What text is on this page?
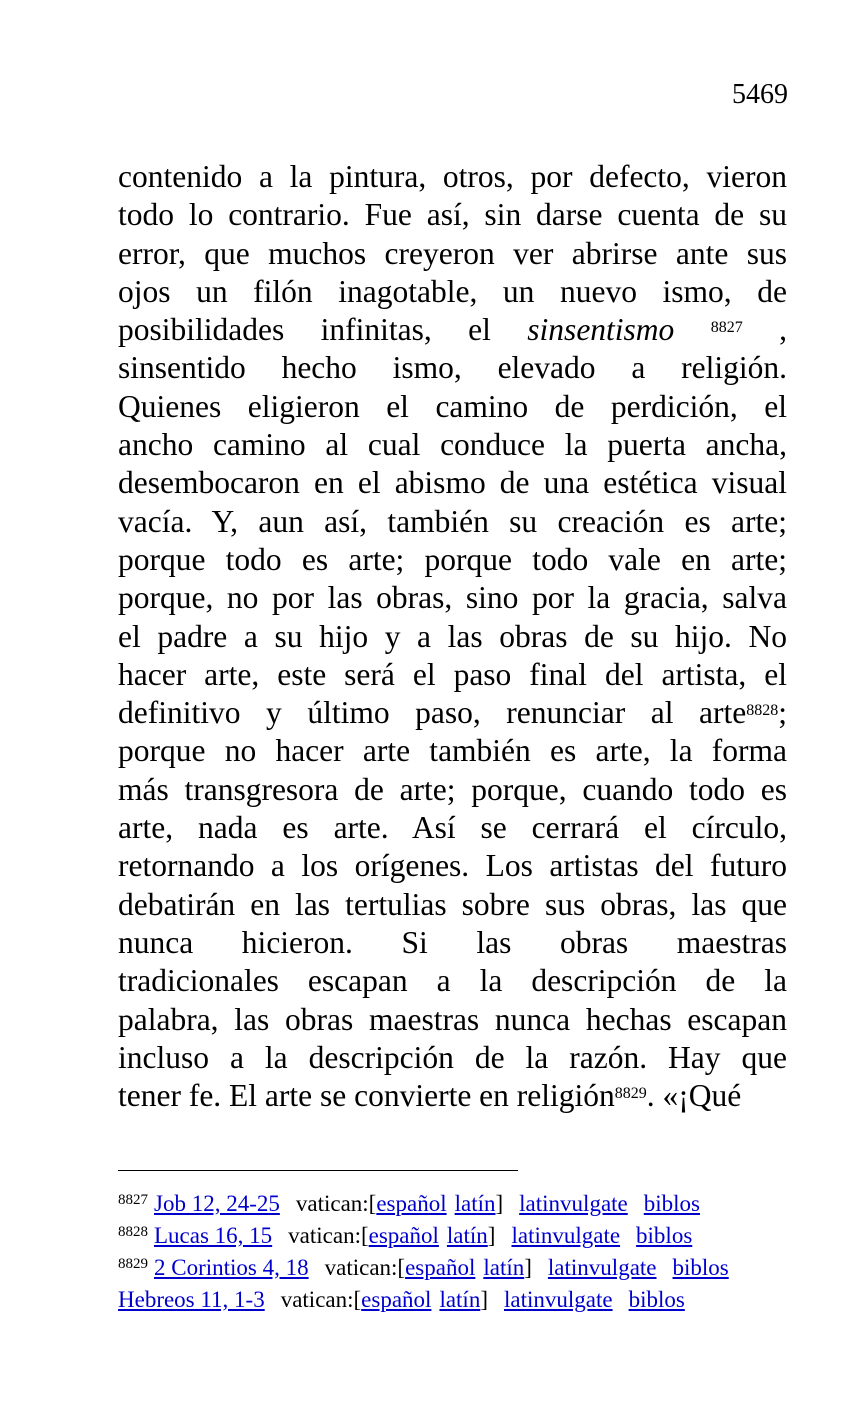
5469
contenido a la pintura, otros, por defecto, vieron
todo lo contrario. Fue así, sin darse cuenta de su
error, que muchos creyeron ver abrirse ante sus
ojos un filón inagotable, un nuevo ismo, de
posibilidades infinitas, el sinsentismo $^{8827}$ ,
sinsentido hecho ismo, elevado a religión.
Quienes eligieron el camino de perdición, el
ancho camino al cual conduce la puerta ancha,
desembocaron en el abismo de una estética visual
vacía. Y, aun así, también su creación es arte;
porque todo es arte; porque todo vale en arte;
porque, no por las obras, sino por la gracia, salva
el padre a su hijo y a las obras de su hijo. No
hacer arte, este será el paso final del artista, el
definitivo y último paso, renunciar al arte$^{8828}$;
porque no hacer arte también es arte, la forma
más transgresora de arte; porque, cuando todo es
arte, nada es arte. Así se cerrará el círculo,
retornando a los orígenes. Los artistas del futuro
debatirán en las tertulias sobre sus obras, las que
nunca hicieron. Si las obras maestras
tradicionales escapan a la descripción de la
palabra, las obras maestras nunca hechas escapan
incluso a la descripción de la razón. Hay que
tener fe. El arte se convierte en religión$^{8829}$. «¡Qué
$^{8827}$ Job 12, 24-25 vatican:[español latín] latinvulgate biblos
$^{8828}$ Lucas 16, 15 vatican:[español latín] latinvulgate biblos
$^{8829}$ 2 Corintios 4, 18 vatican:[español latín] latinvulgate biblos
Hebreos 11, 1-3 vatican:[español latín] latinvulgate biblos
